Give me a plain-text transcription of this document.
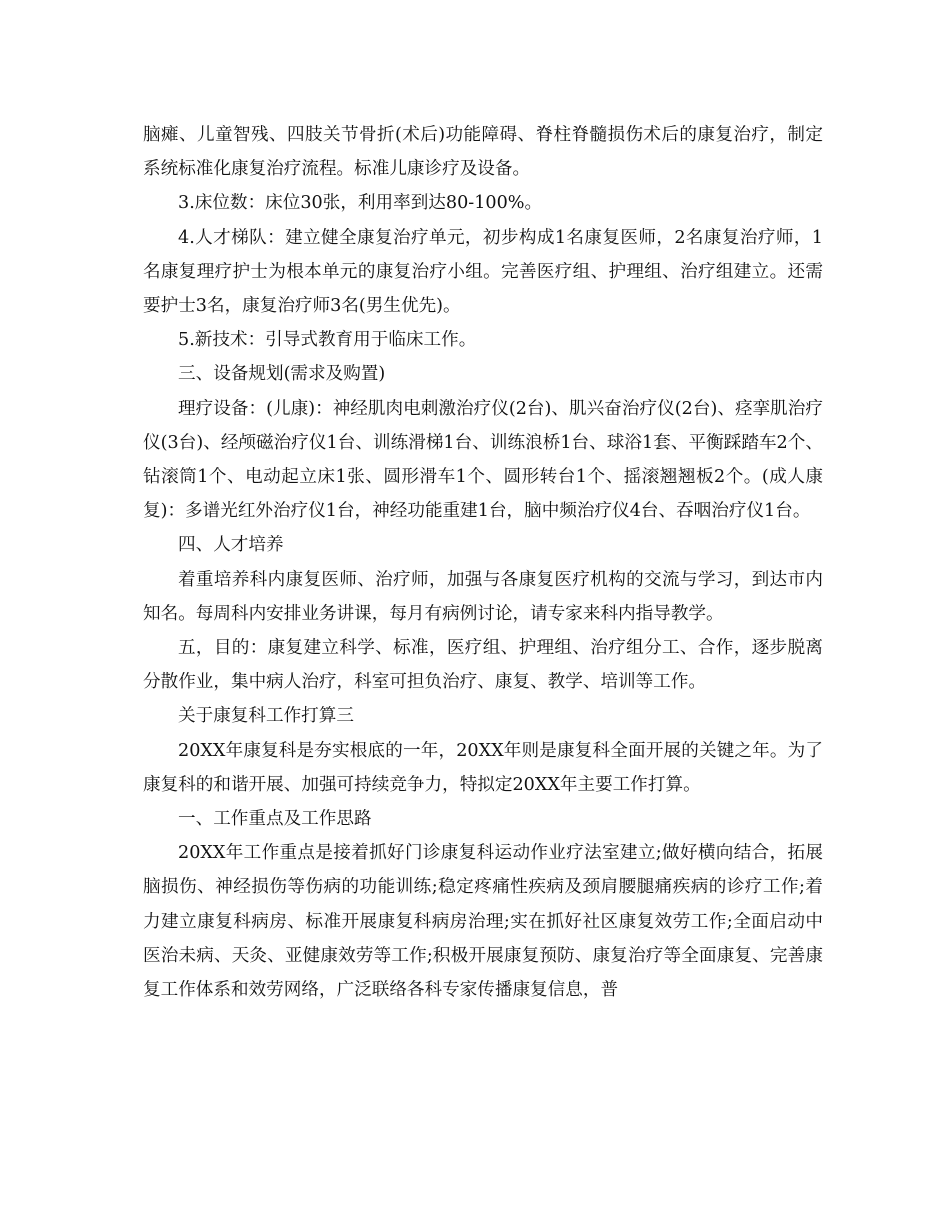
脑瘫、儿童智残、四肢关节骨折(术后)功能障碍、脊柱脊髓损伤术后的康复治疗，制定系统标准化康复治疗流程。标准儿康诊疗及设备。

3.床位数：床位30张，利用率到达80-100%。

4.人才梯队：建立健全康复治疗单元，初步构成1名康复医师，2名康复治疗师，1名康复理疗护士为根本单元的康复治疗小组。完善医疗组、护理组、治疗组建立。还需要护士3名，康复治疗师3名(男生优先)。

5.新技术：引导式教育用于临床工作。

三、设备规划(需求及购置)

理疗设备：(儿康)：神经肌肉电刺激治疗仪(2台)、肌兴奋治疗仪(2台)、痉挛肌治疗仪(3台)、经颅磁治疗仪1台、训练滑梯1台、训练浪桥1台、球浴1套、平衡踩踏车2个、钻滚筒1个、电动起立床1张、圆形滑车1个、圆形转台1个、摇滚翘翘板2个。(成人康复)：多谱光红外治疗仪1台，神经功能重建1台，脑中频治疗仪4台、吞咽治疗仪1台。

四、人才培养

着重培养科内康复医师、治疗师，加强与各康复医疗机构的交流与学习，到达市内知名。每周科内安排业务讲课，每月有病例讨论，请专家来科内指导教学。

五，目的：康复建立科学、标准，医疗组、护理组、治疗组分工、合作，逐步脱离分散作业，集中病人治疗，科室可担负治疗、康复、教学、培训等工作。

关于康复科工作打算三

20XX年康复科是夯实根底的一年，20XX年则是康复科全面开展的关键之年。为了康复科的和谐开展、加强可持续竞争力，特拟定20XX年主要工作打算。

一、工作重点及工作思路

20XX年工作重点是接着抓好门诊康复科运动作业疗法室建立;做好横向结合，拓展脑损伤、神经损伤等伤病的功能训练;稳定疼痛性疾病及颈肩腰腿痛疾病的诊疗工作;着力建立康复科病房、标准开展康复科病房治理;实在抓好社区康复效劳工作;全面启动中医治未病、天灸、亚健康效劳等工作;积极开展康复预防、康复治疗等全面康复、完善康复工作体系和效劳网络，广泛联络各科专家传播康复信息，普
